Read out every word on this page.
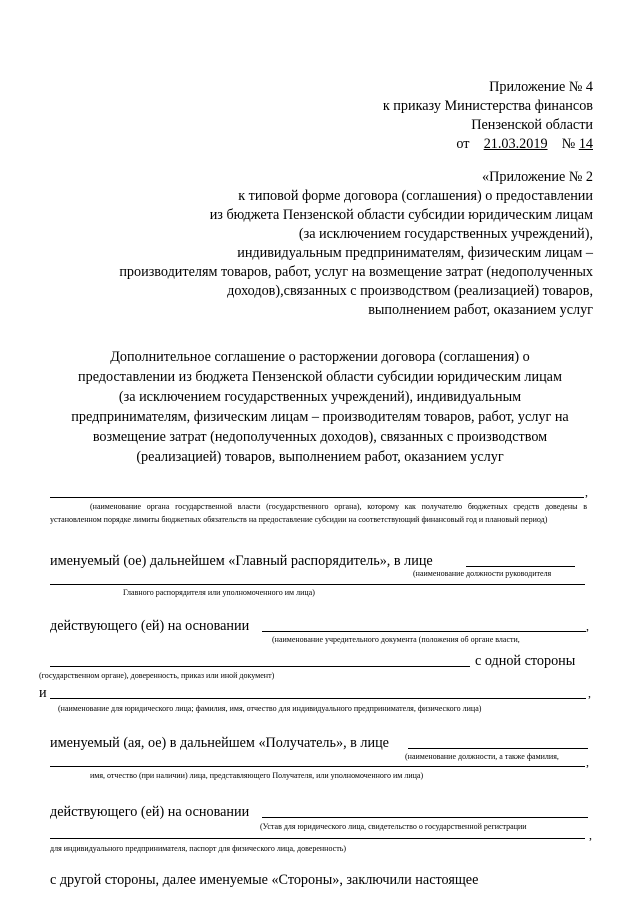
Приложение № 4
к приказу Министерства финансов
Пензенской области
от 21.03.2019 № 14
«Приложение № 2
к типовой форме договора (соглашения) о предоставлении
из бюджета Пензенской области субсидии юридическим лицам
(за исключением государственных учреждений),
индивидуальным предпринимателям, физическим лицам –
производителям товаров, работ, услуг на возмещение затрат (недополученных
доходов),связанных с производством (реализацией) товаров,
выполнением работ, оказанием услуг
Дополнительное соглашение о расторжении договора (соглашения) о
предоставлении из бюджета Пензенской области субсидии юридическим лицам
(за исключением государственных учреждений), индивидуальным
предпринимателям, физическим лицам – производителям товаров, работ, услуг на
возмещение затрат (недополученных доходов), связанных с производством
(реализацией) товаров, выполнением работ, оказанием услуг
,
(наименование органа государственной власти (государственного органа), которому как получателю бюджетных средств доведены в установленном порядке лимиты бюджетных обязательств на предоставление субсидии на соответствующий финансовый год и плановый период)
именуемый (ое) дальнейшем «Главный распорядитель», в лице
(наименование должности руководителя
Главного распорядителя или уполномоченного им лица)
действующего (ей) на основании	,
(наименование учредительного документа (положения об органе власти,
с одной стороны
(государственном органе), доверенность, приказ или иной документ)
и	,
(наименование для юридического лица; фамилия, имя, отчество для индивидуального предпринимателя, физического лица)
именуемый (ая, ое) в дальнейшем «Получатель», в лице
(наименование должности, а также фамилия, ,
имя, отчество (при наличии) лица, представляющего Получателя, или уполномоченного им лица)
действующего (ей) на основании
(Устав для юридического лица, свидетельство о государственной регистрации
,
для индивидуального предпринимателя, паспорт для физического лица, доверенность)
с другой стороны, далее именуемые «Стороны», заключили настоящее
